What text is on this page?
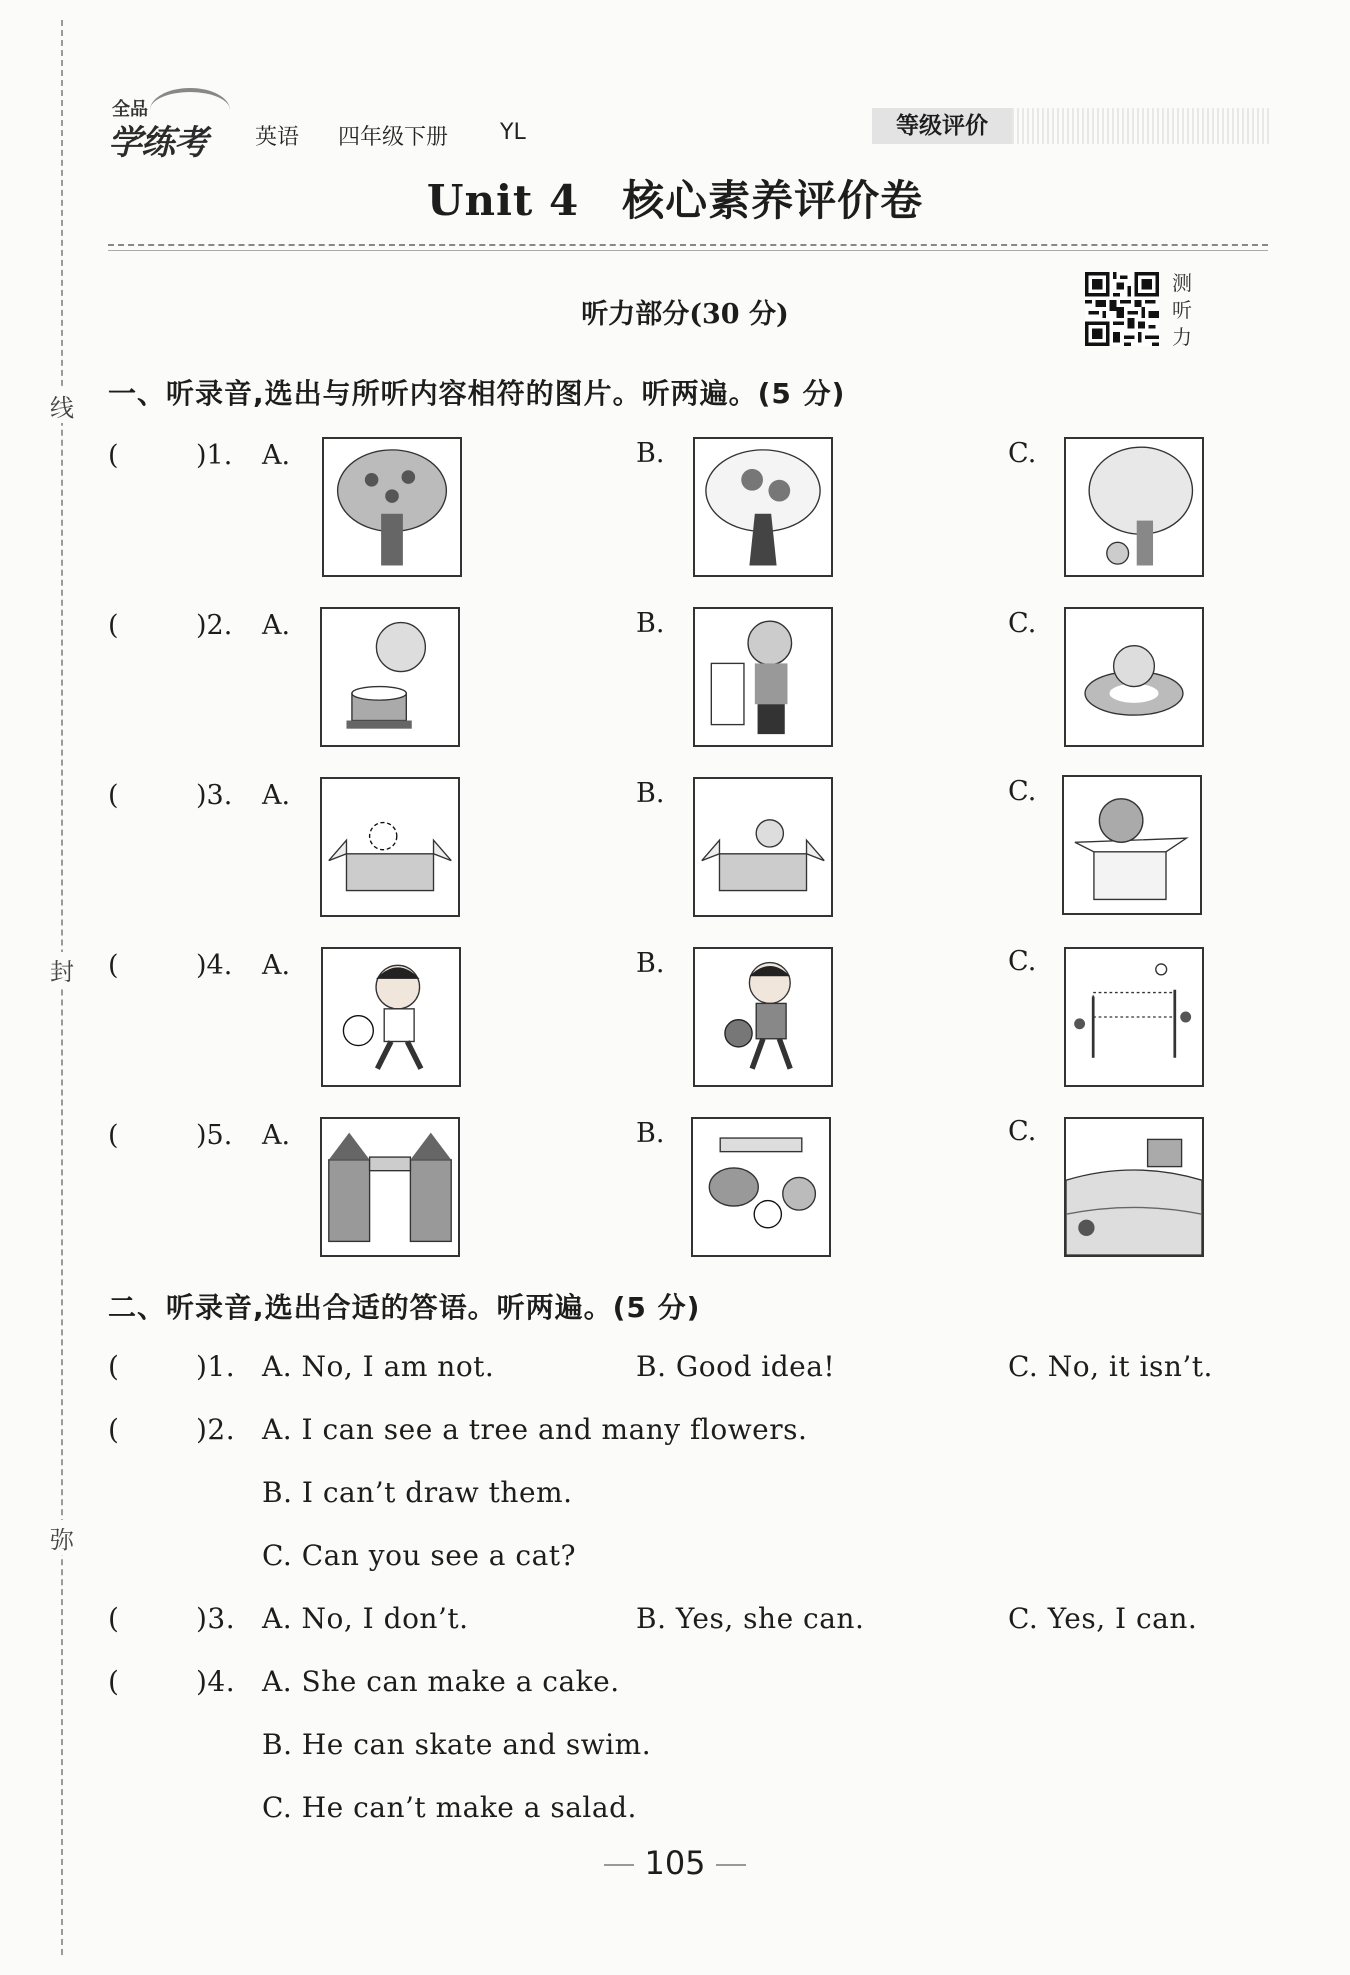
线
封
弥
全品
学练考 英语 四年级下册 YL	等级评价
Unit 4　核心素养评价卷
听力部分(30 分)
测
听
力
一、听录音,选出与所听内容相符的图片。听两遍。(5 分)
(	)1. A.	B.	C.
(	)2. A.	B.	C.
(	)3. A.	B.	C.
(	)4. A.	B.	C.
(	)5. A.	B.	C.
二、听录音,选出合适的答语。听两遍。(5 分)
(	)1. A. No, I am not.	B. Good idea!	C. No, it isn’t.
(	)2. A. I can see a tree and many flowers.
B. I can’t draw them.
C. Can you see a cat?
(	)3. A. No, I don’t.	B. Yes, she can.	C. Yes, I can.
(	)4. A. She can make a cake.
B. He can skate and swim.
C. He can’t make a salad.
105
